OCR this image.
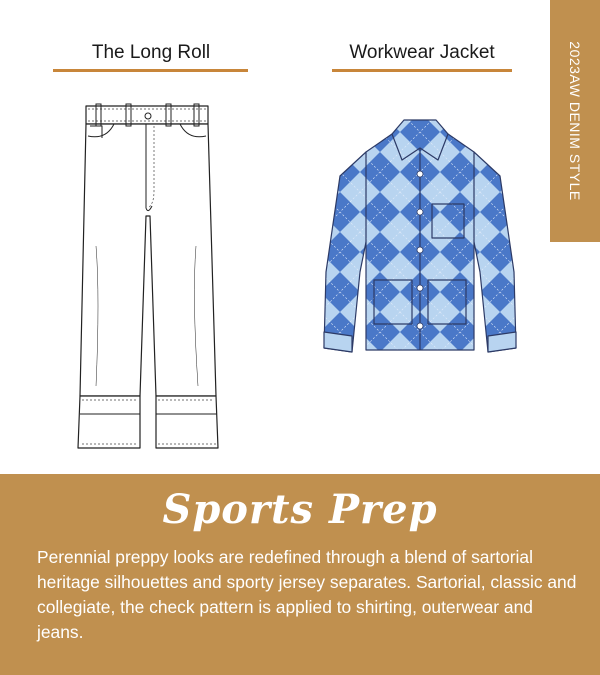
The Long Roll	Workwear Jacket	2023AW DENIM STYLE
Sports Prep
Perennial preppy looks are redefined through a blend of sartorial heritage silhouettes and sporty jersey separates. Sartorial, classic and collegiate, the check pattern is applied to shirting, outerwear and jeans.
